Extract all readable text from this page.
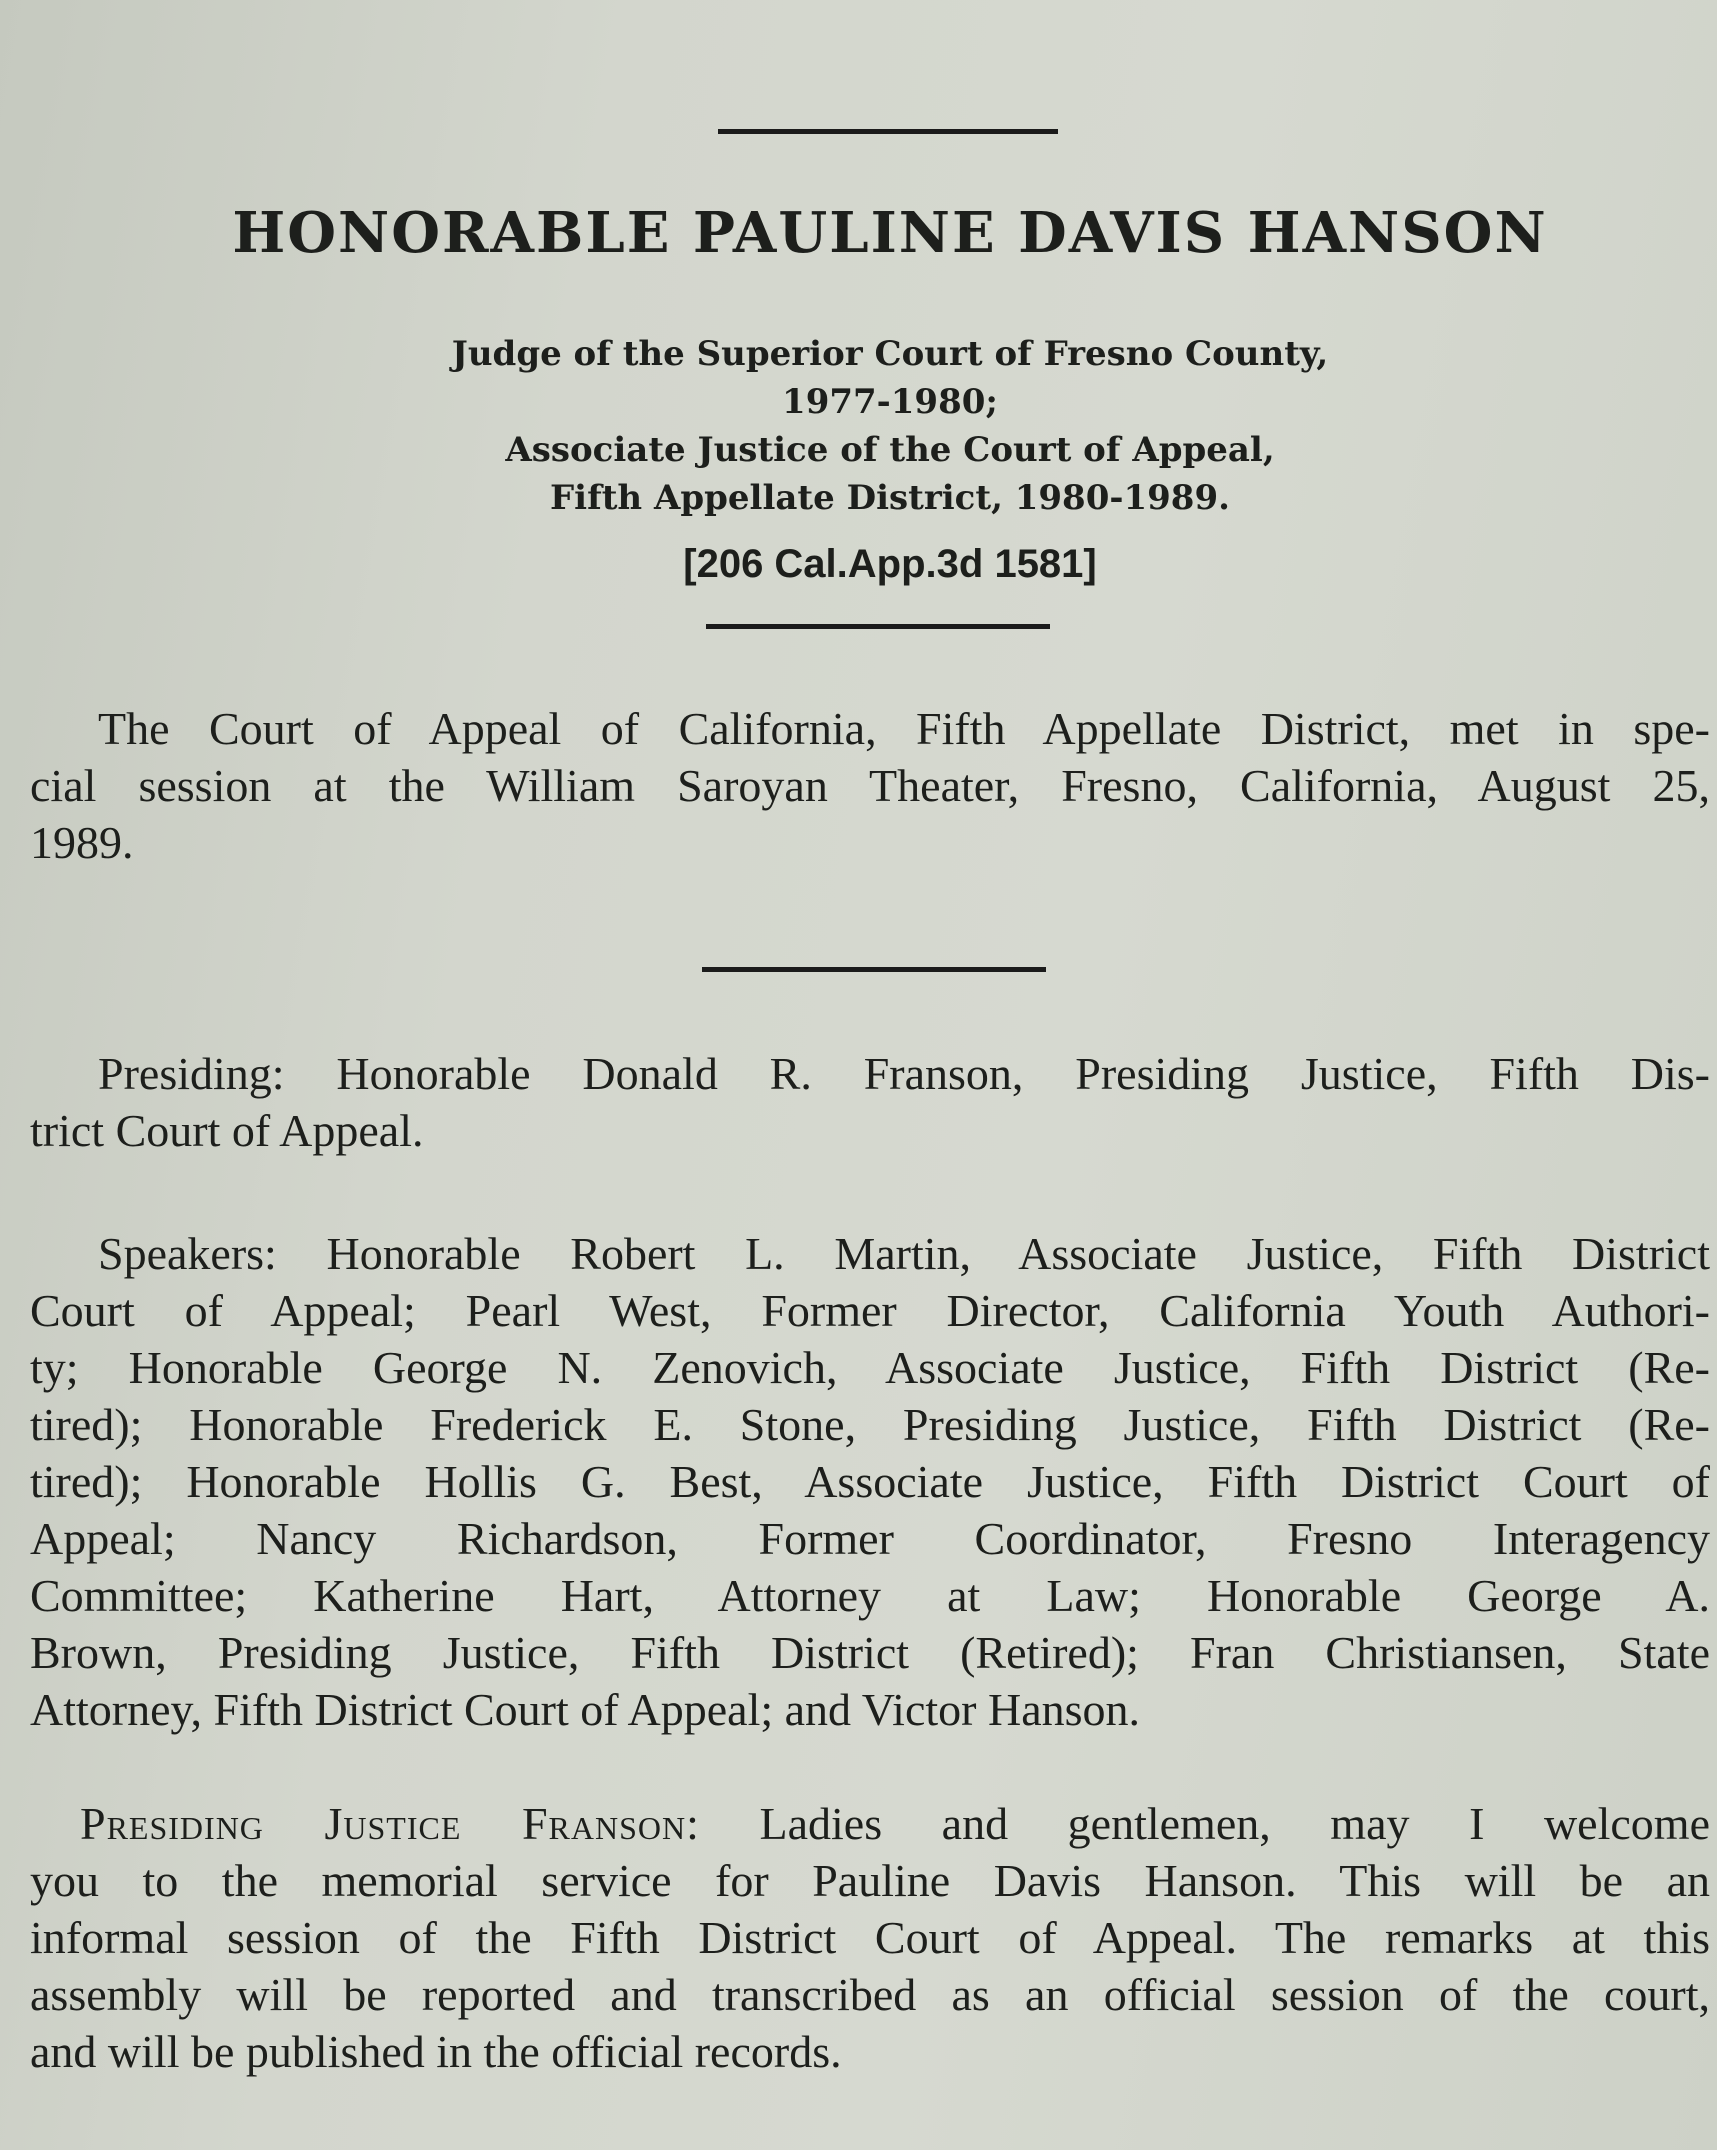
HONORABLE PAULINE DAVIS HANSON
Judge of the Superior Court of Fresno County,
1977-1980;
Associate Justice of the Court of Appeal,
Fifth Appellate District, 1980-1989.
[206 Cal.App.3d 1581]

The Court of Appeal of California, Fifth Appellate District, met in spe-
cial session at the William Saroyan Theater, Fresno, California, August 25,
1989.

Presiding: Honorable Donald R. Franson, Presiding Justice, Fifth Dis-
trict Court of Appeal.

Speakers: Honorable Robert L. Martin, Associate Justice, Fifth District
Court of Appeal; Pearl West, Former Director, California Youth Authori-
ty; Honorable George N. Zenovich, Associate Justice, Fifth District (Re-
tired); Honorable Frederick E. Stone, Presiding Justice, Fifth District (Re-
tired); Honorable Hollis G. Best, Associate Justice, Fifth District Court of
Appeal; Nancy Richardson, Former Coordinator, Fresno Interagency
Committee; Katherine Hart, Attorney at Law; Honorable George A.
Brown, Presiding Justice, Fifth District (Retired); Fran Christiansen, State
Attorney, Fifth District Court of Appeal; and Victor Hanson.

Presiding Justice Franson: Ladies and gentlemen, may I welcome
you to the memorial service for Pauline Davis Hanson. This will be an
informal session of the Fifth District Court of Appeal. The remarks at this
assembly will be reported and transcribed as an official session of the court,
and will be published in the official records.
